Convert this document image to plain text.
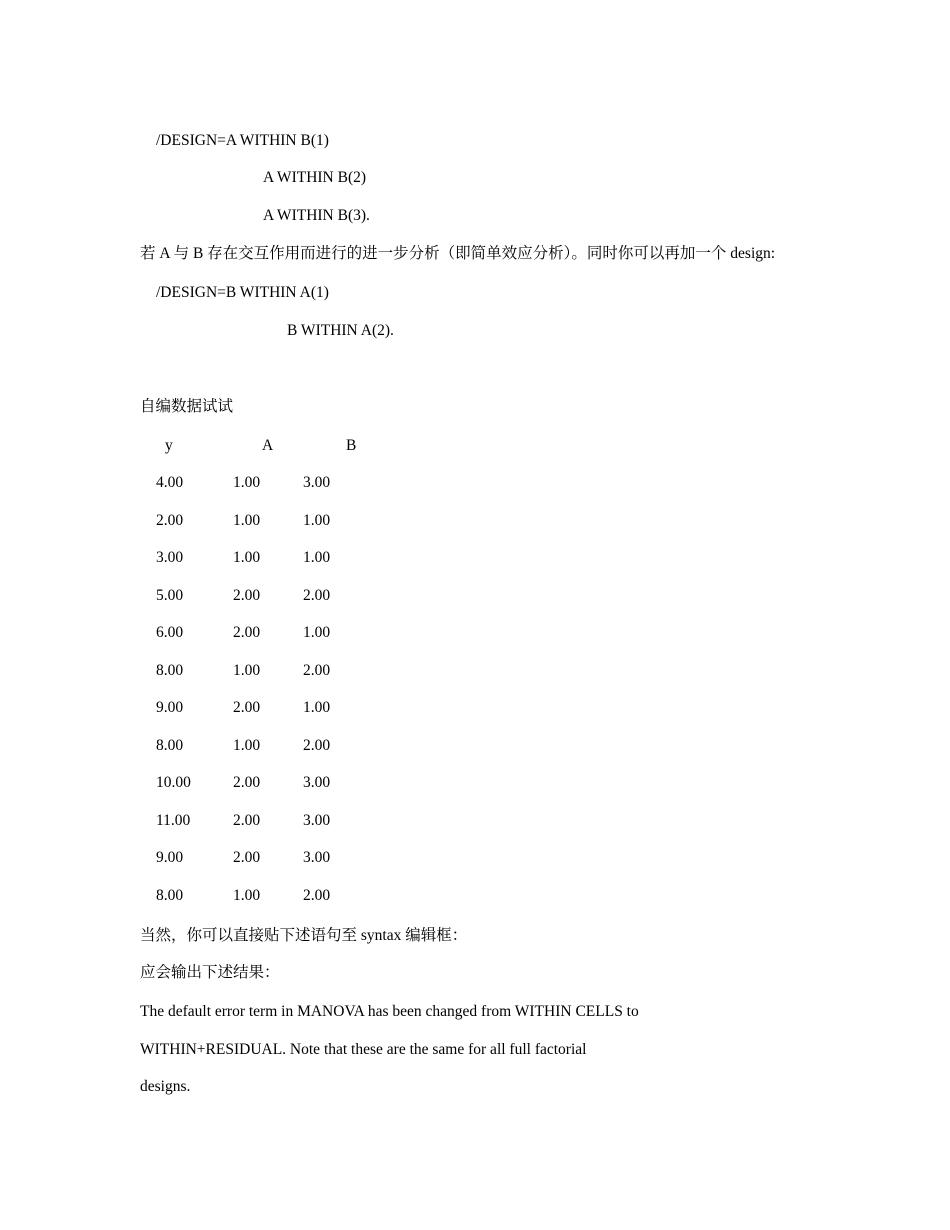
/DESIGN=A WITHIN B(1)
A WITHIN B(2)
A WITHIN B(3).
若 A 与 B 存在交互作用而进行的进一步分析（即简单效应分析）。同时你可以再加一个 design:
/DESIGN=B WITHIN A(1)
B WITHIN A(2).
自编数据试试
y	A	B
4.00	1.00	3.00
2.00	1.00	1.00
3.00	1.00	1.00
5.00	2.00	2.00
6.00	2.00	1.00
8.00	1.00	2.00
9.00	2.00	1.00
8.00	1.00	2.00
10.00	2.00	3.00
11.00	2.00	3.00
9.00	2.00	3.00
8.00	1.00	2.00
当然，你可以直接贴下述语句至 syntax 编辑框：
应会输出下述结果：
The default error term in MANOVA has been changed from WITHIN CELLS to
WITHIN+RESIDUAL. Note that these are the same for all full factorial
designs.
